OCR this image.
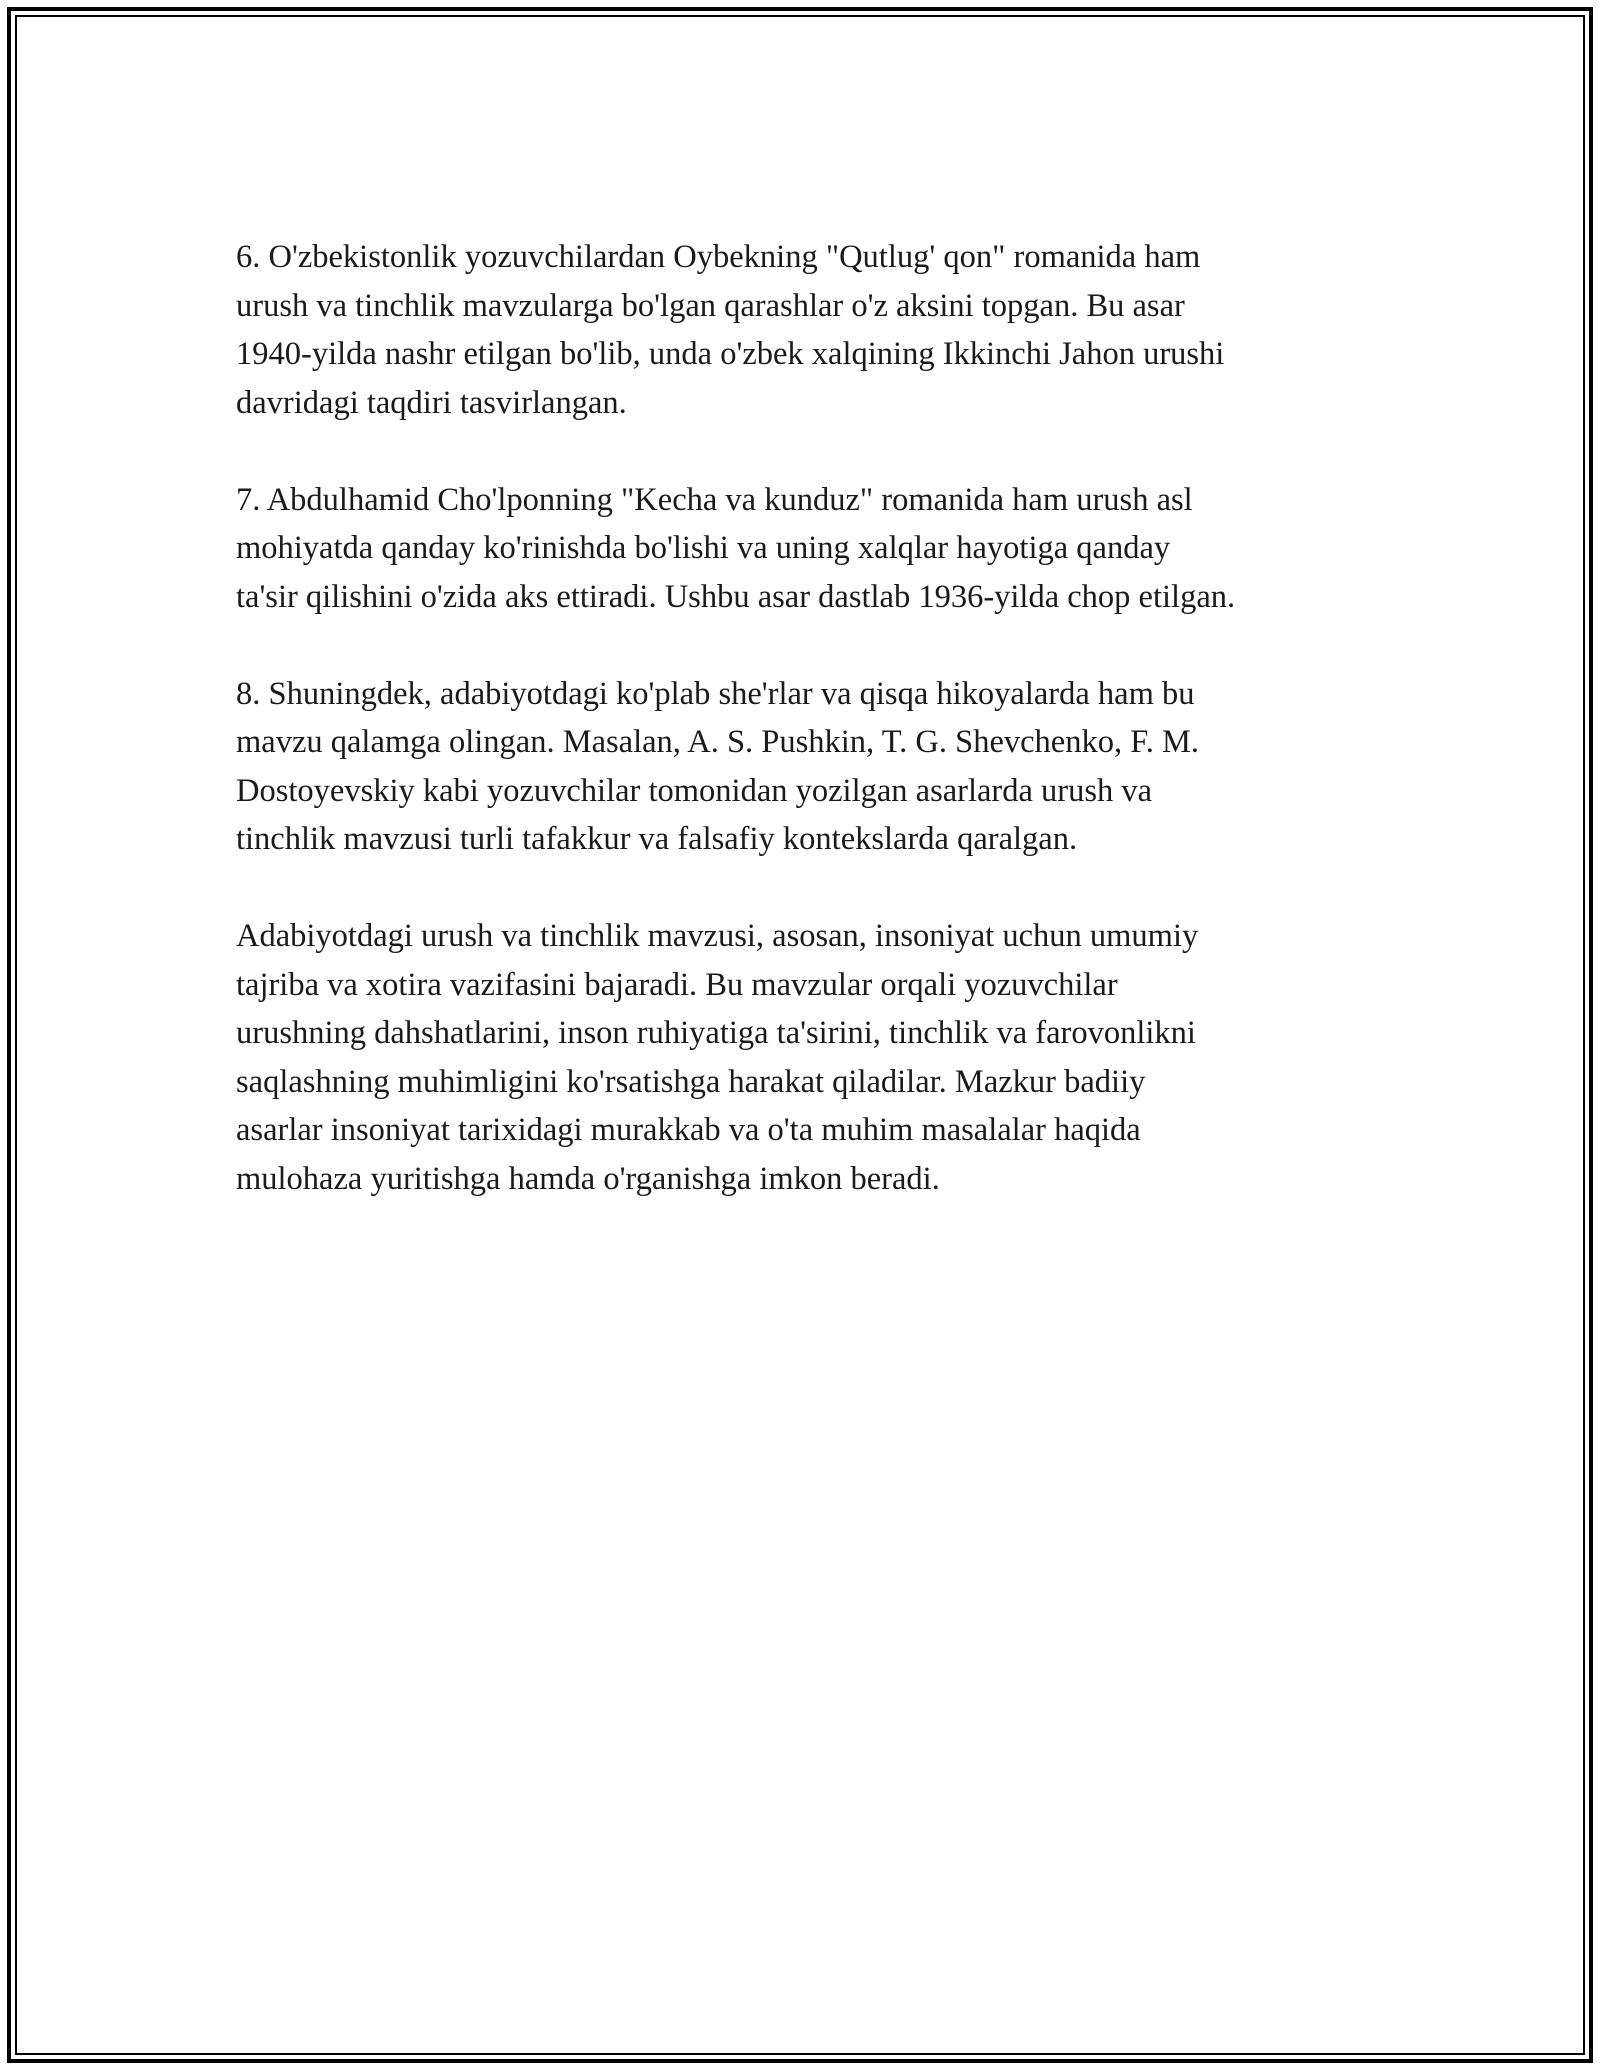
6. O'zbekistonlik yozuvchilardan Oybekning "Qutlug' qon" romanida ham
urush va tinchlik mavzularga bo'lgan qarashlar o'z aksini topgan. Bu asar
1940-yilda nashr etilgan bo'lib, unda o'zbek xalqining Ikkinchi Jahon urushi
davridagi taqdiri tasvirlangan.

7. Abdulhamid Cho'lponning "Kecha va kunduz" romanida ham urush asl
mohiyatda qanday ko'rinishda bo'lishi va uning xalqlar hayotiga qanday
ta'sir qilishini o'zida aks ettiradi. Ushbu asar dastlab 1936-yilda chop etilgan.

8. Shuningdek, adabiyotdagi ko'plab she'rlar va qisqa hikoyalarda ham bu
mavzu qalamga olingan. Masalan, A. S. Pushkin, T. G. Shevchenko, F. M.
Dostoyevskiy kabi yozuvchilar tomonidan yozilgan asarlarda urush va
tinchlik mavzusi turli tafakkur va falsafiy kontekslarda qaralgan.

Adabiyotdagi urush va tinchlik mavzusi, asosan, insoniyat uchun umumiy
tajriba va xotira vazifasini bajaradi. Bu mavzular orqali yozuvchilar
urushning dahshatlarini, inson ruhiyatiga ta'sirini, tinchlik va farovonlikni
saqlashning muhimligini ko'rsatishga harakat qiladilar. Mazkur badiiy
asarlar insoniyat tarixidagi murakkab va o'ta muhim masalalar haqida
mulohaza yuritishga hamda o'rganishga imkon beradi.
